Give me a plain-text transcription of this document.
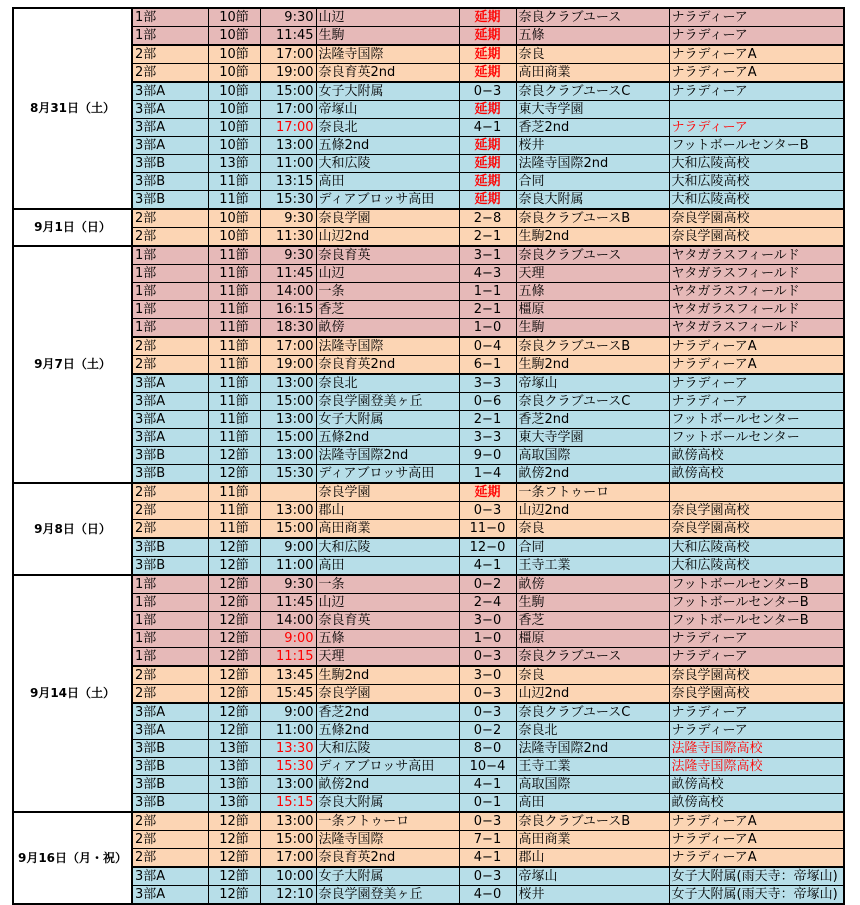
8月31日（土）	1部	10節	9:30	山辺	延期	奈良クラブユース	ナラディーア
	1部	10節	11:45	生駒	延期	五條	ナラディーア
	2部	10節	17:00	法隆寺国際	延期	奈良	ナラディーアA
	2部	10節	19:00	奈良育英2nd	延期	高田商業	ナラディーアA
	3部A	10節	15:00	女子大附属	0−3	奈良クラブユースC	ナラディーア
	3部A	10節	17:00	帝塚山	延期	東大寺学園	
	3部A	10節	17:00	奈良北	4−1	香芝2nd	ナラディーア
	3部A	10節	13:00	五條2nd	延期	桜井	フットボールセンターB
	3部B	13節	11:00	大和広陵	延期	法隆寺国際2nd	大和広陵高校
	3部B	11節	13:15	高田	延期	合同	大和広陵高校
	3部B	11節	15:30	ディアブロッサ高田	延期	奈良大附属	大和広陵高校
9月1日（日）	2部	10節	9:30	奈良学園	2−8	奈良クラブユースB	奈良学園高校
	2部	10節	11:30	山辺2nd	2−1	生駒2nd	奈良学園高校
9月7日（土）	1部	11節	9:30	奈良育英	3−1	奈良クラブユース	ヤタガラスフィールド
	1部	11節	11:45	山辺	4−3	天理	ヤタガラスフィールド
	1部	11節	14:00	一条	1−1	五條	ヤタガラスフィールド
	1部	11節	16:15	香芝	2−1	橿原	ヤタガラスフィールド
	1部	11節	18:30	畝傍	1−0	生駒	ヤタガラスフィールド
	2部	11節	17:00	法隆寺国際	0−4	奈良クラブユースB	ナラディーアA
	2部	11節	19:00	奈良育英2nd	6−1	生駒2nd	ナラディーアA
	3部A	11節	13:00	奈良北	3−3	帝塚山	ナラディーア
	3部A	11節	15:00	奈良学園登美ヶ丘	0−6	奈良クラブユースC	ナラディーア
	3部A	11節	13:00	女子大附属	2−1	香芝2nd	フットボールセンター
	3部A	11節	15:00	五條2nd	3−3	東大寺学園	フットボールセンター
	3部B	12節	13:00	法隆寺国際2nd	9−0	高取国際	畝傍高校
	3部B	12節	15:30	ディアブロッサ高田	1−4	畝傍2nd	畝傍高校
9月8日（日）	2部	11節		奈良学園	延期	一条フトゥーロ	
	2部	11節	13:00	郡山	0−3	山辺2nd	奈良学園高校
	2部	11節	15:00	高田商業	11−0	奈良	奈良学園高校
	3部B	12節	9:00	大和広陵	12−0	合同	大和広陵高校
	3部B	12節	11:00	高田	4−1	王寺工業	大和広陵高校
9月14日（土）	1部	12節	9:30	一条	0−2	畝傍	フットボールセンターB
	1部	12節	11:45	山辺	2−4	生駒	フットボールセンターB
	1部	12節	14:00	奈良育英	3−0	香芝	フットボールセンターB
	1部	12節	9:00	五條	1−0	橿原	ナラディーア
	1部	12節	11:15	天理	0−3	奈良クラブユース	ナラディーア
	2部	12節	13:45	生駒2nd	3−0	奈良	奈良学園高校
	2部	12節	15:45	奈良学園	0−3	山辺2nd	奈良学園高校
	3部A	12節	9:00	香芝2nd	0−3	奈良クラブユースC	ナラディーア
	3部A	12節	11:00	五條2nd	0−2	奈良北	ナラディーア
	3部B	13節	13:30	大和広陵	8−0	法隆寺国際2nd	法隆寺国際高校
	3部B	13節	15:30	ディアブロッサ高田	10−4	王寺工業	法隆寺国際高校
	3部B	13節	13:00	畝傍2nd	4−1	高取国際	畝傍高校
	3部B	13節	15:15	奈良大附属	0−1	高田	畝傍高校
9月16日（月・祝）	2部	12節	13:00	一条フトゥーロ	0−3	奈良クラブユースB	ナラディーアA
	2部	12節	15:00	法隆寺国際	7−1	高田商業	ナラディーアA
	2部	12節	17:00	奈良育英2nd	4−1	郡山	ナラディーアA
	3部A	12節	10:00	女子大附属	0−3	帝塚山	女子大附属(雨天寺：帝塚山)
	3部A	12節	12:10	奈良学園登美ヶ丘	4−0	桜井	女子大附属(雨天寺：帝塚山)
